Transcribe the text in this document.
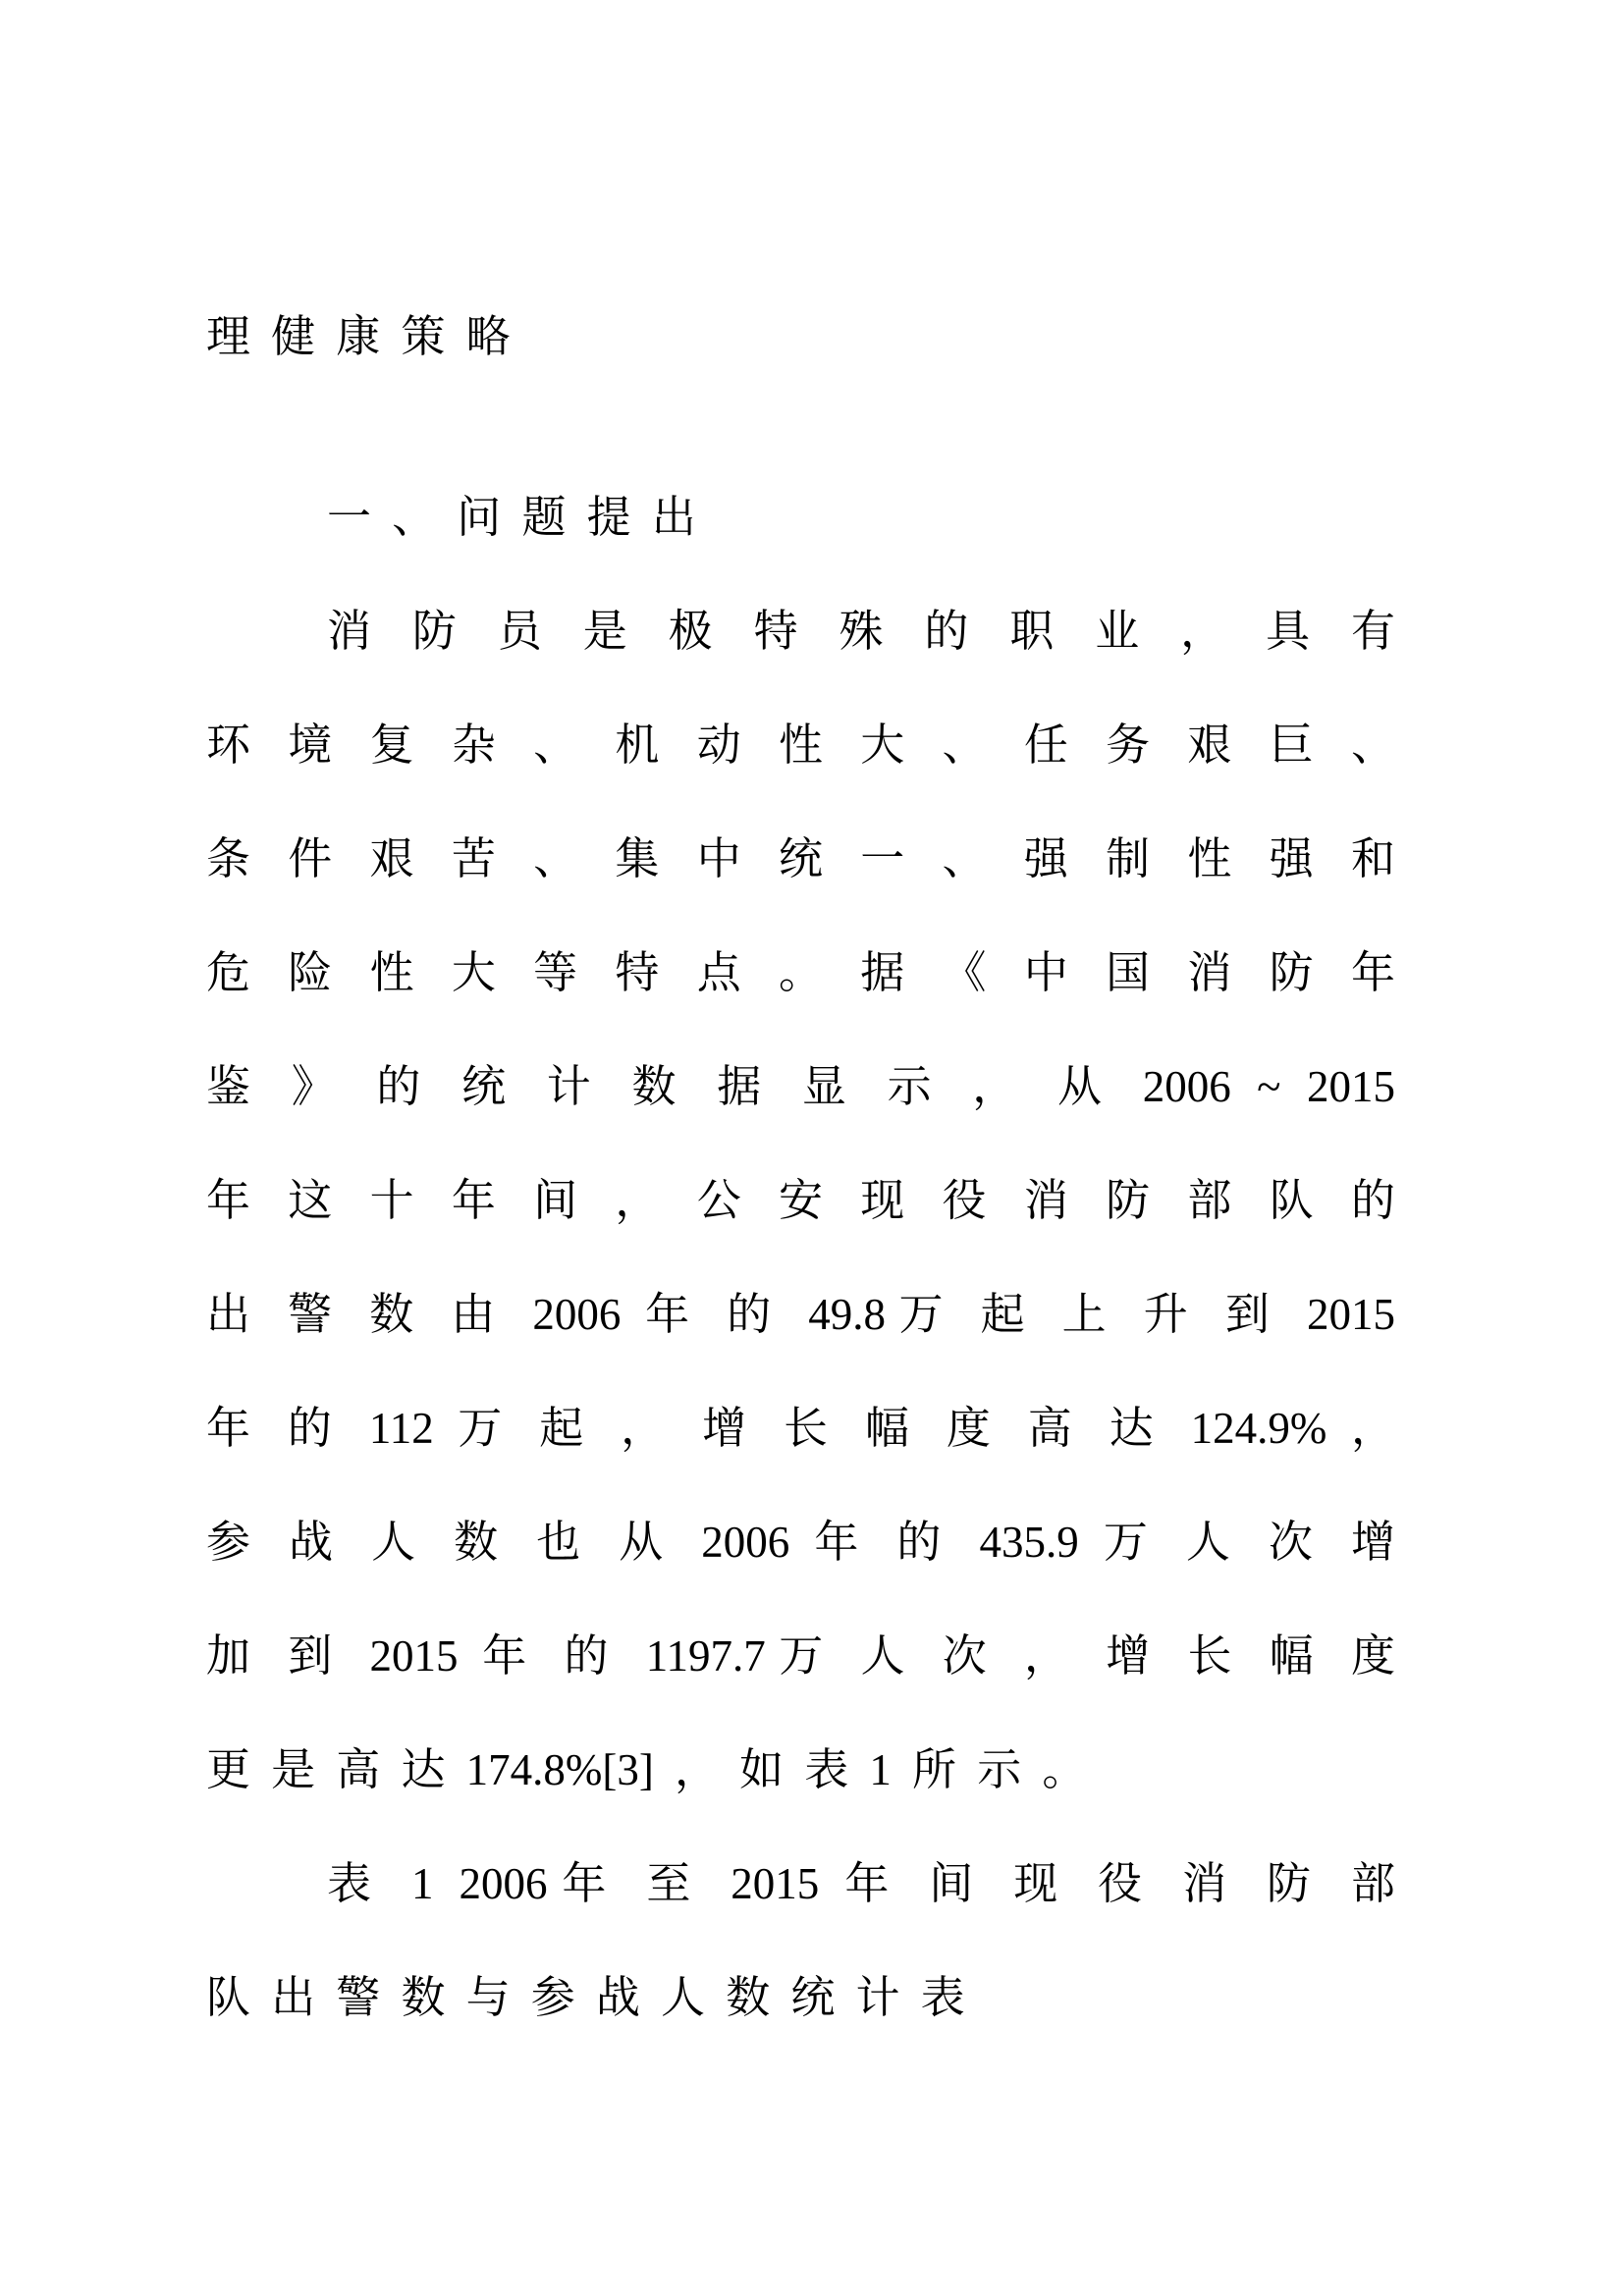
理 健 康 策 略
一 、 问 题 提 出
消 防 员 是 极 特 殊 的 职 业 ， 具 有
环 境 复 杂 、 机 动 性 大 、 任 务 艰 巨 、
条 件 艰 苦 、 集 中 统 一 、 强 制 性 强 和
危 险 性 大 等 特 点 。 据 《 中 国 消 防 年
鉴 》 的 统 计 数 据 显 示 ， 从 2006 ~ 2015
年 这 十 年 间 ， 公 安 现 役 消 防 部 队 的
出 警 数 由 2006 年 的 49.8万 起 上 升 到 2015
年 的 112 万 起 ， 增 长 幅 度 高 达 124.9% ，
参 战 人 数 也 从 2006 年 的 435.9 万 人 次 增
加 到 2015 年 的 1197.7万 人 次 ， 增 长 幅 度
更 是 高 达 174.8%[3] ， 如 表 1 所 示 。
表 1 2006年 至 2015 年 间 现 役 消 防 部
队 出 警 数 与 参 战 人 数 统 计 表
